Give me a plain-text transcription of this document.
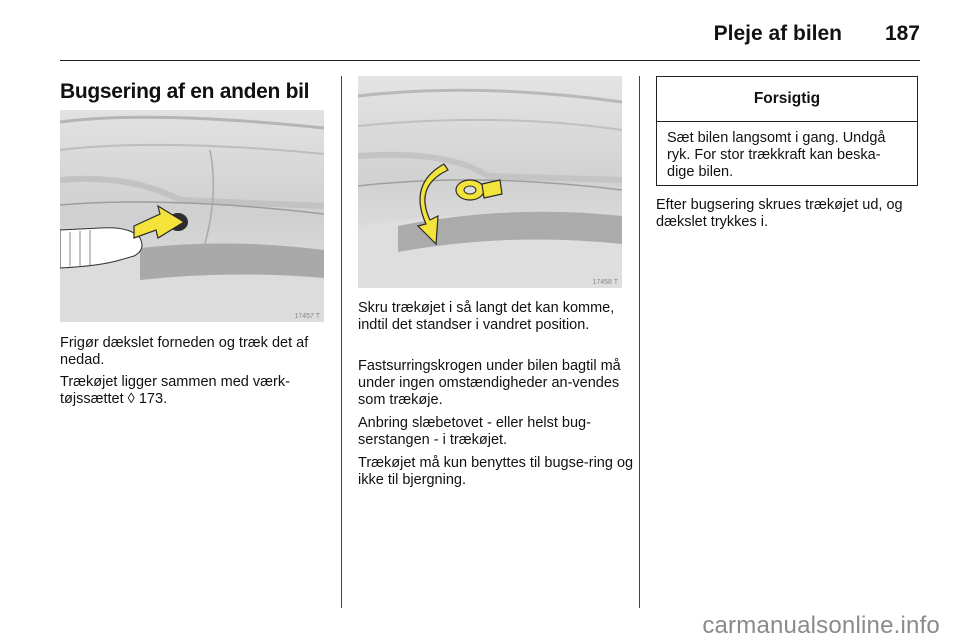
Pleje af bilen 187
Bugsering af en anden bil
17457 T

Frigør dækslet forneden og træk det af nedad.

Trækøjet ligger sammen med værk-tøjssættet ◊ 173.

17458 T

Skru trækøjet i så langt det kan komme, indtil det standser i vandret position.

Fastsurringskrogen under bilen bagtil må under ingen omstændigheder an-vendes som trækøje.

Anbring slæbetovet - eller helst bug-serstangen - i trækøjet.

Trækøjet må kun benyttes til bugse-ring og ikke til bjergning.

Forsigtig
Sæt bilen langsomt i gang. Undgå ryk. For stor trækkraft kan beska-dige bilen.

Efter bugsering skrues trækøjet ud, og dækslet trykkes i.

carmanualsonline.info
